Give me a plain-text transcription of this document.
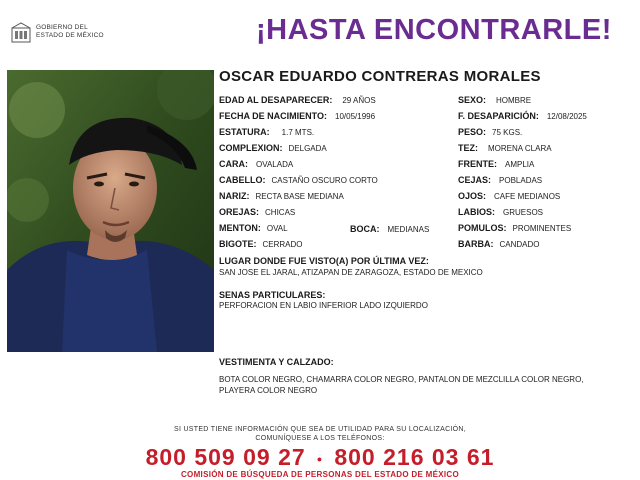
GOBIERNO DEL
ESTADO DE MÉXICO	¡HASTA ENCONTRARLE!
OSCAR EDUARDO CONTRERAS MORALES
EDAD AL DESAPARECER: 29 AÑOS
FECHA DE NACIMIENTO: 10/05/1996
ESTATURA: 1.7 MTS.
COMPLEXION: DELGADA
CARA: OVALADA
CABELLO: CASTAÑO OSCURO CORTO
NARIZ: RECTA BASE MEDIANA
OREJAS: CHICAS
MENTON: OVAL	BOCA: MEDIANAS
BIGOTE: CERRADO
SEXO: HOMBRE
F. DESAPARICIÓN: 12/08/2025
PESO: 75 KGS.
TEZ: MORENA CLARA
FRENTE: AMPLIA
CEJAS: POBLADAS
OJOS: CAFE MEDIANOS
LABIOS: GRUESOS
POMULOS: PROMINENTES
BARBA: CANDADO
LUGAR DONDE FUE VISTO(A) POR ÚLTIMA VEZ:
SAN JOSE EL JARAL, ATIZAPAN DE ZARAGOZA, ESTADO DE MEXICO
SENAS PARTICULARES:
PERFORACION EN LABIO INFERIOR LADO IZQUIERDO
VESTIMENTA Y CALZADO:
BOTA COLOR NEGRO, CHAMARRA COLOR NEGRO, PANTALON DE MEZCLILLA COLOR NEGRO, PLAYERA COLOR NEGRO
SI USTED TIENE INFORMACIÓN QUE SEA DE UTILIDAD PARA SU LOCALIZACIÓN,
COMUNÍQUESE A LOS TELÉFONOS:
800 509 09 27 • 800 216 03 61
COMISIÓN DE BÚSQUEDA DE PERSONAS DEL ESTADO DE MÉXICO
